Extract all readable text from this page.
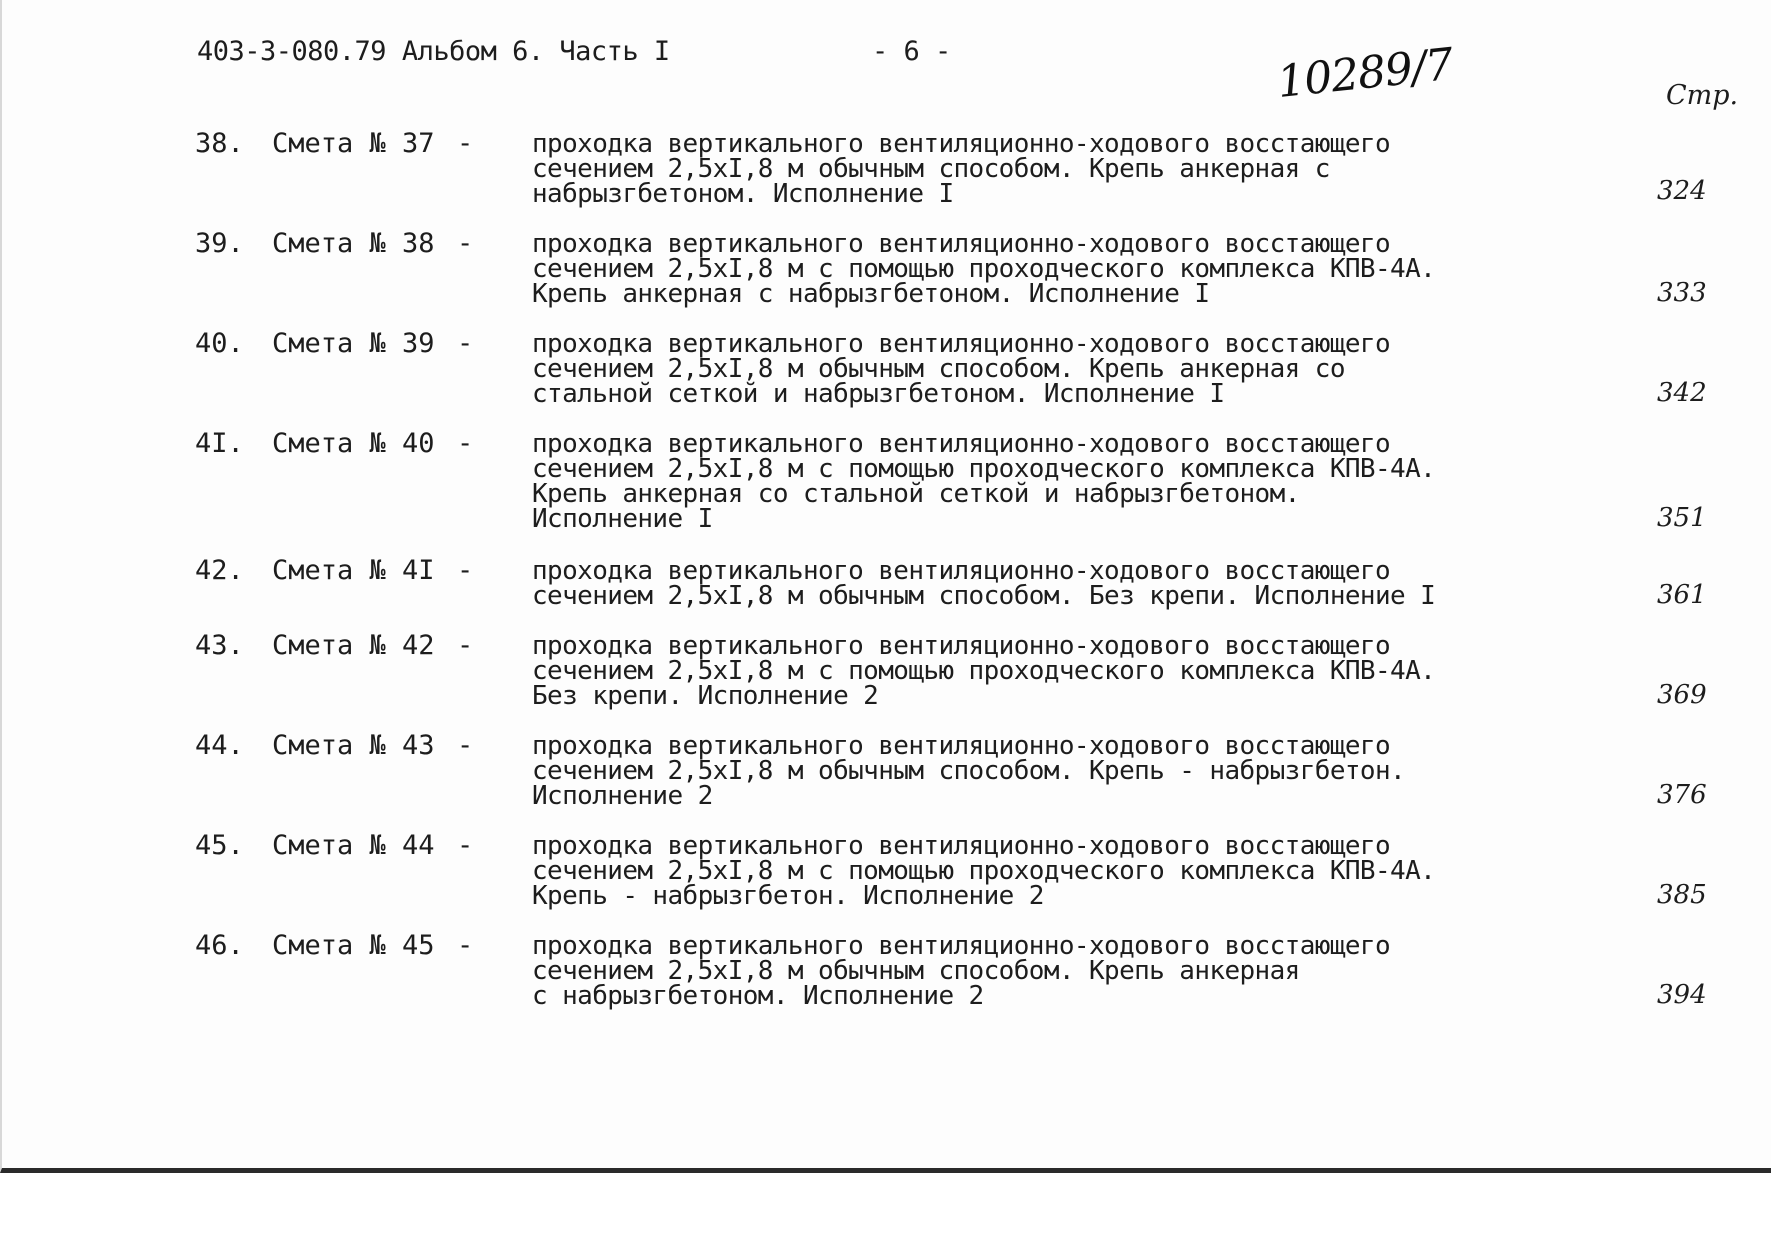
403-3-080.79 Альбом 6. Часть I	- 6 -	10289/7	Стр.
38. Смета № 37 - проходка вертикального вентиляционно-ходового восстающего
сечением 2,5хI,8 м обычным способом. Крепь анкерная с
набрызгбетоном. Исполнение I	324
39. Смета № 38 - проходка вертикального вентиляционно-ходового восстающего
сечением 2,5хI,8 м с помощью проходческого комплекса КПВ-4А.
Крепь анкерная с набрызгбетоном. Исполнение I	333
40. Смета № 39 - проходка вертикального вентиляционно-ходового восстающего
сечением 2,5хI,8 м обычным способом. Крепь анкерная со
стальной сеткой и набрызгбетоном. Исполнение I	342
4I. Смета № 40 - проходка вертикального вентиляционно-ходового восстающего
сечением 2,5хI,8 м с помощью проходческого комплекса КПВ-4А.
Крепь анкерная со стальной сеткой и набрызгбетоном.
Исполнение I	351
42. Смета № 4I - проходка вертикального вентиляционно-ходового восстающего
сечением 2,5хI,8 м обычным способом. Без крепи. Исполнение I	361
43. Смета № 42 - проходка вертикального вентиляционно-ходового восстающего
сечением 2,5хI,8 м с помощью проходческого комплекса КПВ-4А.
Без крепи. Исполнение 2	369
44. Смета № 43 - проходка вертикального вентиляционно-ходового восстающего
сечением 2,5хI,8 м обычным способом. Крепь - набрызгбетон.
Исполнение 2	376
45. Смета № 44 - проходка вертикального вентиляционно-ходового восстающего
сечением 2,5хI,8 м с помощью проходческого комплекса КПВ-4А.
Крепь - набрызгбетон. Исполнение 2	385
46. Смета № 45 - проходка вертикального вентиляционно-ходового восстающего
сечением 2,5хI,8 м обычным способом. Крепь анкерная
с набрызгбетоном. Исполнение 2	394
